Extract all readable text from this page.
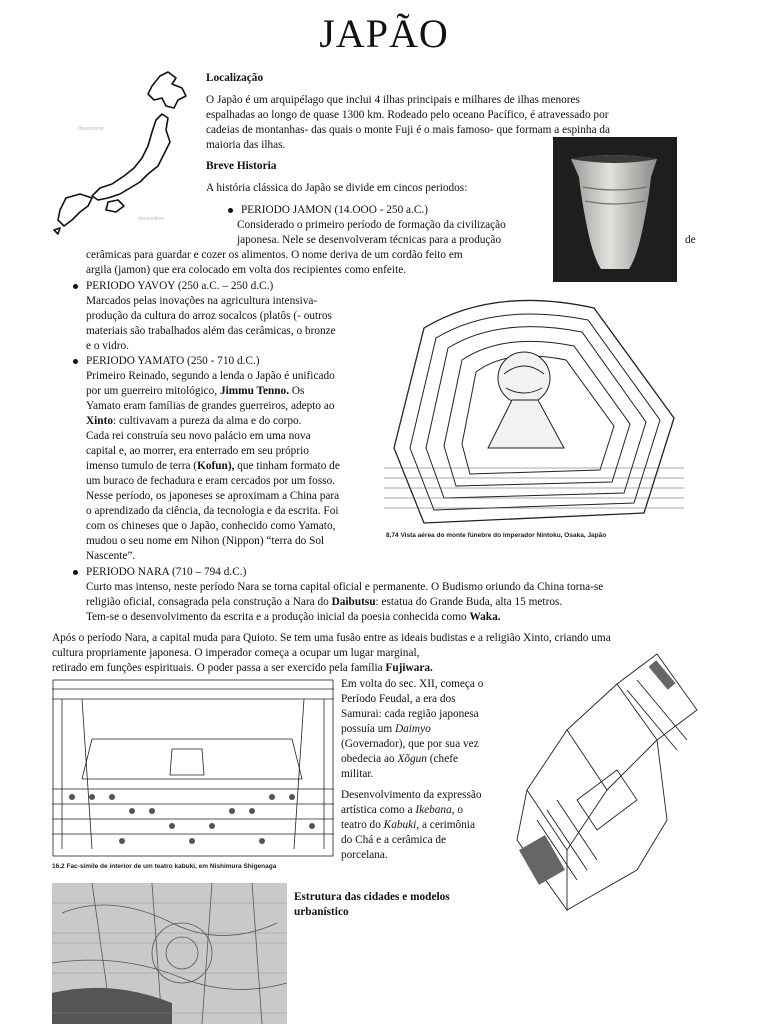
JAPÃO
dreamstime
dreamstime

Localização

O Japão é um arquipélago que inclui 4 ilhas principais e milhares de ilhas menores

espalhadas ao longo de quase 1300 km. Rodeado pelo oceano Pacífico, é atravessado por

cadeias de montanhas- das quais o monte Fuji é o mais famoso- que formam a espinha da

maioria das ilhas.

Breve Historia

A história clássica do Japão se divide em cincos periodos:

PERIODO JAMON (14.OOO - 250 a.C.)

Considerado o primeiro período de formação da civilização

japonesa. Nele se desenvolveram técnicas para a produção	de

cerâmicas para guardar e cozer os alimentos. O nome deriva de um cordão feito em

argila (jamon) que era colocado em volta dos recipientes como enfeite.

PERIODO YAVOY (250 a.C. – 250 d.C.)

Marcados pelas inovações na agricultura intensiva-

produção da cultura do arroz socalcos (platôs (- outros

materiais são trabalhados além das cerâmicas, o bronze

e o vidro.

8.74 Vista aérea do monte fúnebre do imperador Nintoku, Osaka, Japão

PERIODO YAMATO (250 - 710 d.C.)

Primeiro Reinado, segundo a lenda o Japão é unificado

por um guerreiro mitológico, Jimmu Tenno. Os

Yamato eram famílias de grandes guerreiros, adepto ao

Xinto: cultivavam a pureza da alma e do corpo.

Cada rei construía seu novo palácio em uma nova

capital e, ao morrer, era enterrado em seu próprio

imenso tumulo de terra (Kofun), que tinham formato de

um buraco de fechadura e eram cercados por um fosso.

Nesse período, os japoneses se aproximam a China para

o aprendizado da ciência, da tecnologia e da escrita. Foi

com os chineses que o Japão, conhecido como Yamato,

mudou o seu nome em Nihon (Nippon) “terra do Sol

Nascente”.

PERIODO NARA (710 – 794 d.C.)

Curto mas intenso, neste período Nara se torna capital oficial e permanente. O Budismo oriundo da China torna-se

religião oficial, consagrada pela construção a Nara do Daibutsu: estatua do Grande Buda, alta 15 metros.

Tem-se o desenvolvimento da escrita e a produção inicial da poesia conhecida como Waka.

Após o período Nara, a capital muda para Quioto. Se tem uma fusão entre as ideais budistas e a religião Xinto, criando uma

cultura propriamente japonesa. O imperador começa a ocupar um lugar marginal,

retirado em funções espirituais. O poder passa a ser exercido pela família Fujiwara.

16.2 Fac-símile de interior de um teatro kabuki, em Nishimura Shigenaga

Em volta do sec. XII, começa o

Período Feudal, a era dos

Samurai: cada região japonesa

possuía um Daimyo

(Governador), que por sua vez

obedecia ao Xõgun (chefe

militar.

Desenvolvimento da expressão

artística como a Ikebana, o

teatro do Kabuki, a cerimônia

do Chá e a cerâmica de

porcelana.

Estrutura das cidades e modelos

urbanístico
